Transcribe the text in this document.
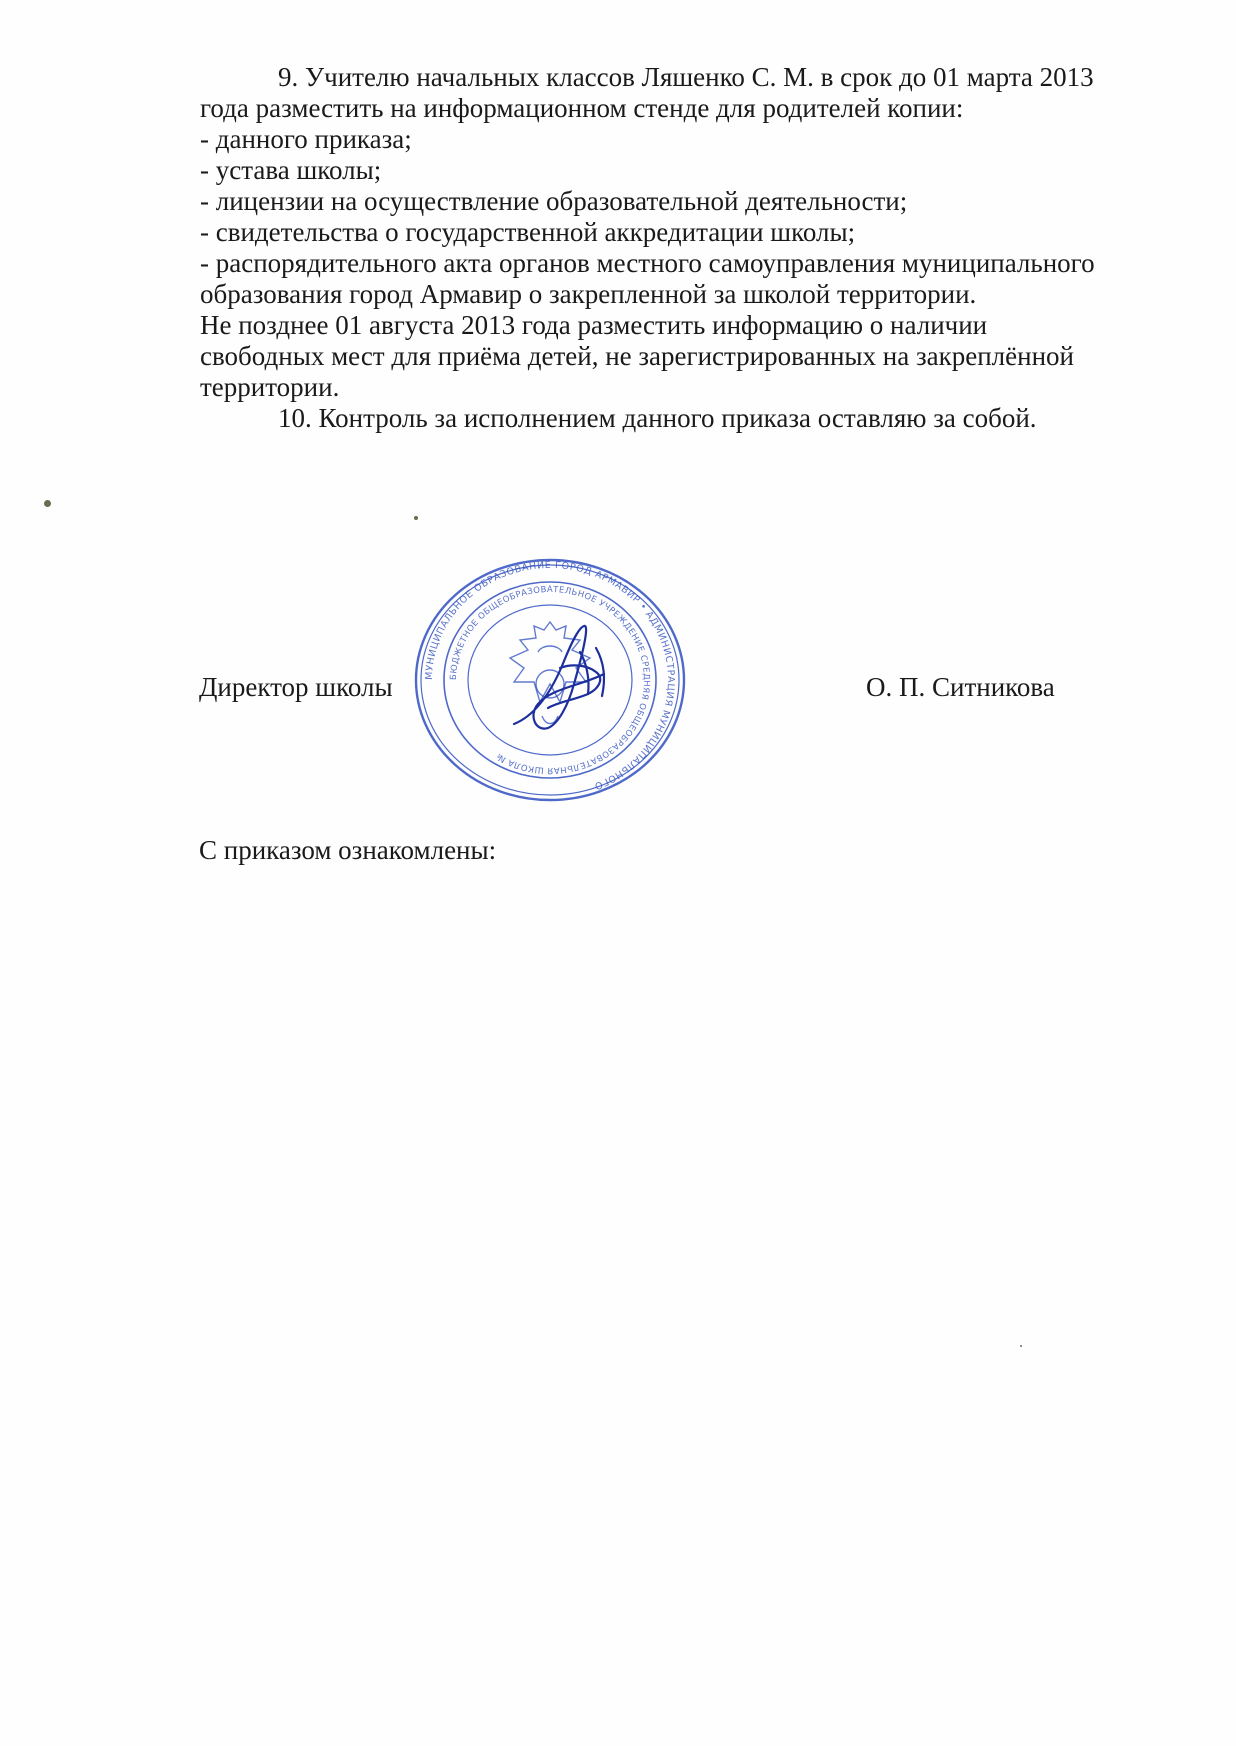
9. Учителю начальных классов Ляшенко С. М. в срок до 01 марта 2013
года разместить на информационном стенде для родителей копии:
- данного приказа;
- устава школы;
- лицензии на осуществление образовательной деятельности;
- свидетельства о государственной аккредитации школы;
- распорядительного акта органов местного самоуправления муниципального
образования город Армавир о закрепленной за школой территории.
Не позднее 01 августа 2013 года разместить информацию о наличии
свободных мест для приёма детей, не зарегистрированных на закреплённой
территории.
10. Контроль за исполнением данного приказа оставляю за собой.
Директор школы	О. П. Ситникова
МУНИЦИПАЛЬНОЕ ОБРАЗОВАНИЕ ГОРОД АРМАВИР • АДМИНИСТРАЦИЯ МУНИЦИПАЛЬНОГО
БЮДЖЕТНОЕ ОБЩЕОБРАЗОВАТЕЛЬНОЕ УЧРЕЖДЕНИЕ СРЕДНЯЯ ОБЩЕОБРАЗОВАТЕЛЬНАЯ ШКОЛА №
С приказом ознакомлены:
